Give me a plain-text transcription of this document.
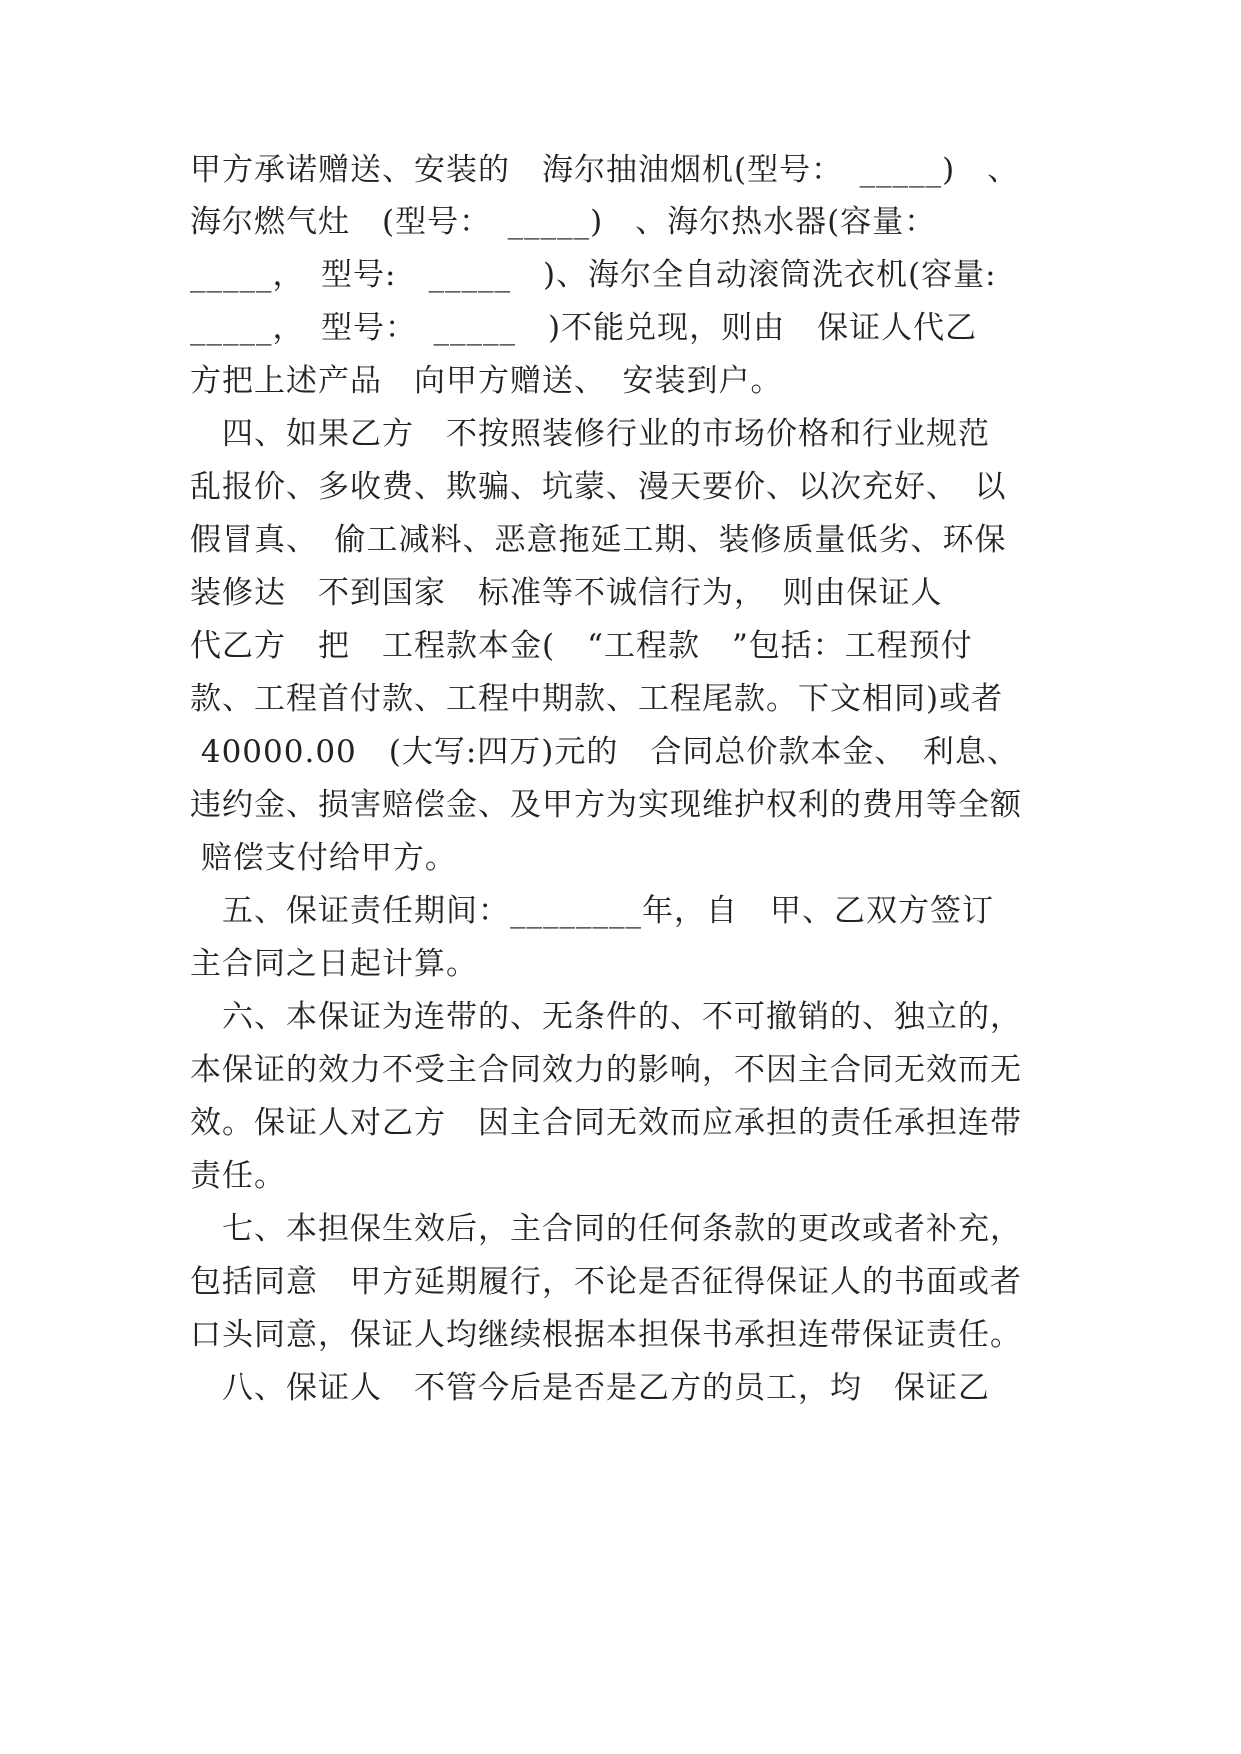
甲方承诺赠送、安装的　海尔抽油烟机(型号：　_____)　、
海尔燃气灶　(型号：　_____)　、海尔热水器(容量：
_____，　型号:　_____　)、海尔全自动滚筒洗衣机(容量:
_____，　型号：　_____　)不能兑现，则由　保证人代乙
方把上述产品　向甲方赠送、　安装到户。
　四、如果乙方　不按照装修行业的市场价格和行业规范
乱报价、多收费、欺骗、坑蒙、漫天要价、以次充好、　以
假冒真、　偷工减料、恶意拖延工期、装修质量低劣、环保
装修达　不到国家　标准等不诚信行为，　则由保证人
代乙方　把　工程款本金(　“工程款　”包括：工程预付
款、工程首付款、工程中期款、工程尾款。下文相同)或者
40000.00　(大写:四万)元的　合同总价款本金、　利息、
违约金、损害赔偿金、及甲方为实现维护权利的费用等全额
赔偿支付给甲方。
　五、保证责任期间：________年，自　甲、乙双方签订
主合同之日起计算。
　六、本保证为连带的、无条件的、不可撤销的、独立的，
本保证的效力不受主合同效力的影响，不因主合同无效而无
效。保证人对乙方　因主合同无效而应承担的责任承担连带
责任。
　七、本担保生效后，主合同的任何条款的更改或者补充，
包括同意　甲方延期履行，不论是否征得保证人的书面或者
口头同意，保证人均继续根据本担保书承担连带保证责任。
　八、保证人　不管今后是否是乙方的员工，均　保证乙
